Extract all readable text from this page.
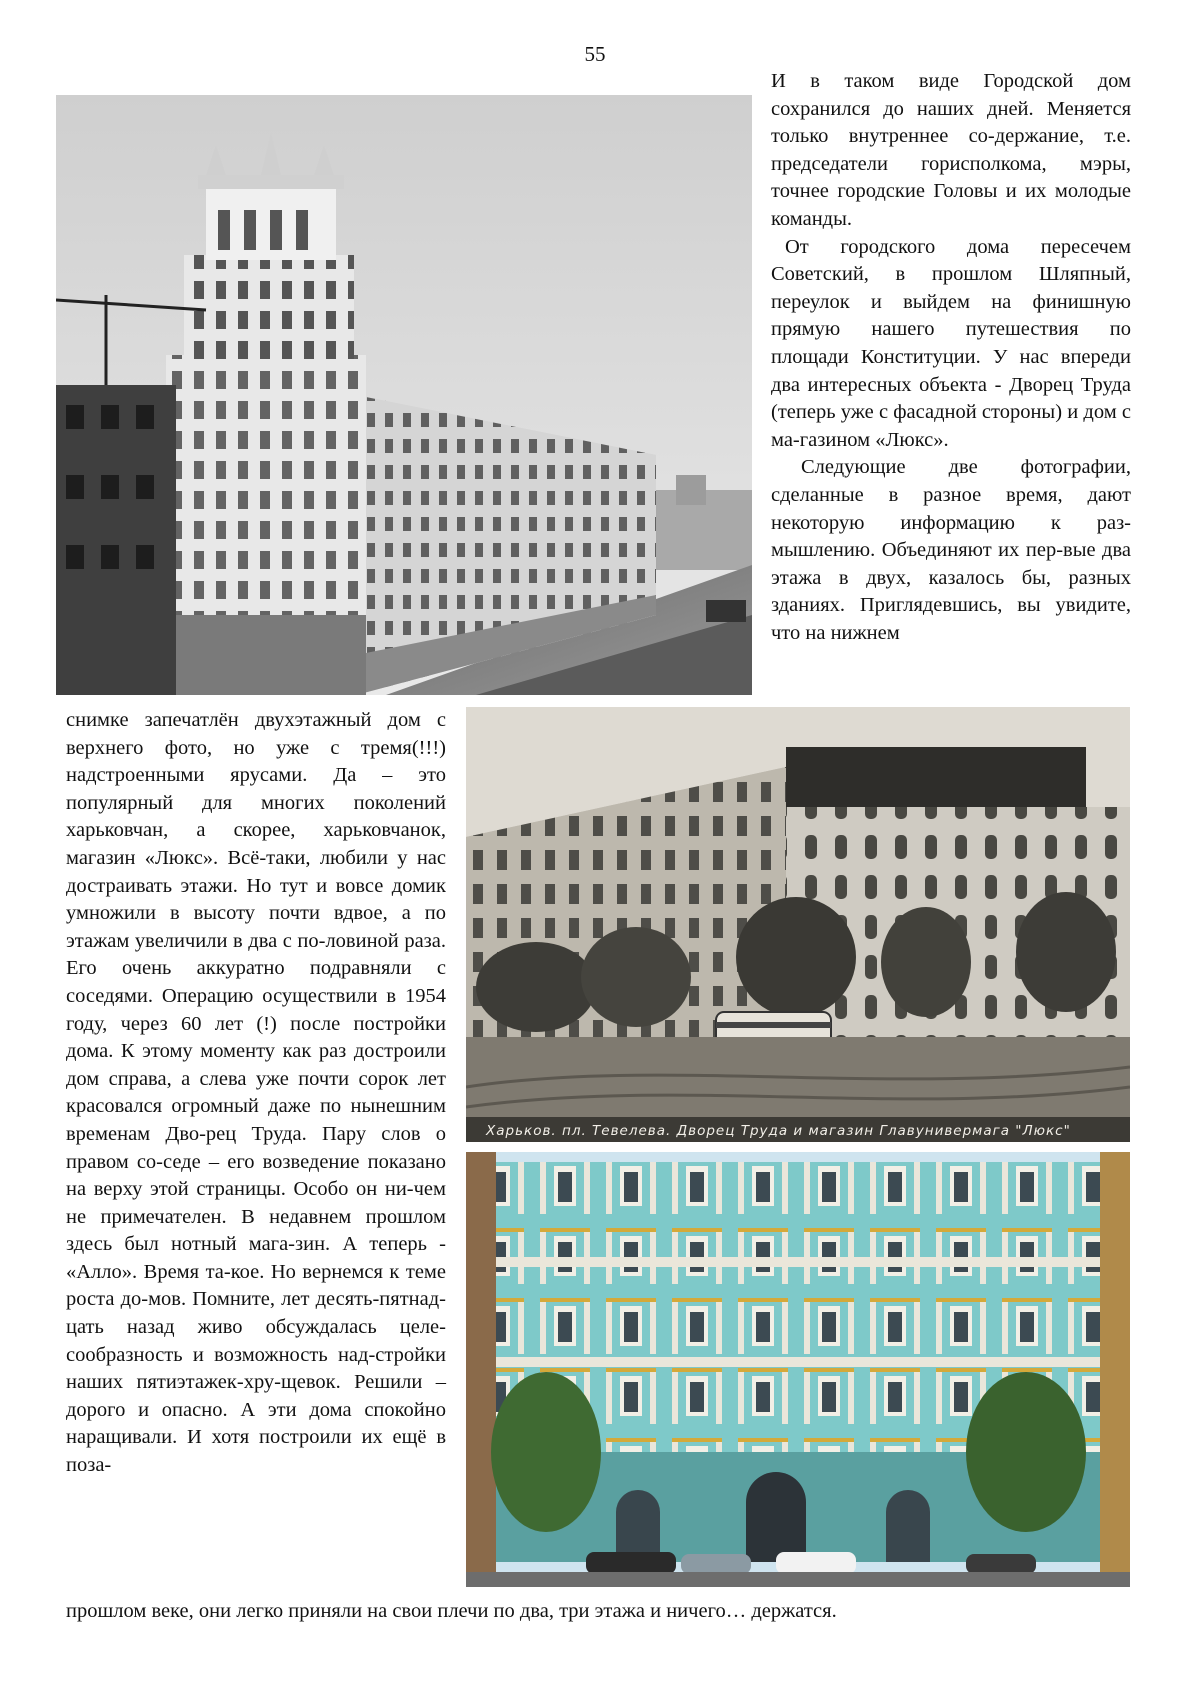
55

И в таком виде Городской дом сохранился до наших дней. Меняется только внутреннее со-держание, т.е. председатели горисполкома, мэры, точнее городские Головы и их молодые команды.

От городского дома пересечем Советский, в прошлом Шляпный, переулок и выйдем на финишную прямую нашего путешествия по площади Конституции. У нас впереди два интересных объекта - Дворец Труда (теперь уже с фасадной стороны) и дом с ма-газином «Люкс».

Следующие две фотографии, сделанные в разное время, дают некоторую информацию к раз-мышлению. Объединяют их пер-вые два этажа в двух, казалось бы, разных зданиях. Приглядевшись, вы увидите, что на нижнем

снимке запечатлён двухэтажный дом с верхнего фото, но уже с тремя(!!!) надстроенными ярусами. Да – это популярный для многих поколений харьковчан, а скорее, харьковчанок, магазин «Люкс». Всё-таки, любили у нас достраивать этажи. Но тут и вовсе домик умножили в высоту почти вдвое, а по этажам увеличили в два с по-ловиной раза. Его очень аккуратно подравняли с соседями. Операцию осуществили в 1954 году, через 60 лет (!) после постройки дома. К этому моменту как раз достроили дом справа, а слева уже почти сорок лет красовался огромный даже по нынешним временам Дво-рец Труда. Пару слов о правом со-седе – его возведение показано на верху этой страницы. Особо он ни-чем не примечателен. В недавнем прошлом здесь был нотный мага-зин. А теперь - «Алло». Время та-кое. Но вернемся к теме роста до-мов. Помните, лет десять-пятнад-цать назад живо обсуждалась целе-сообразность и возможность над-стройки наших пятиэтажек-хру-щевок. Решили – дорого и опасно. А эти дома спокойно наращивали. И хотя построили их ещё в поза-

Харьков. пл. Тевелева. Дворец Труда и магазин Главунивермага "Люкс"

прошлом веке, они легко приняли на свои плечи по два, три этажа и ничего… держатся.
